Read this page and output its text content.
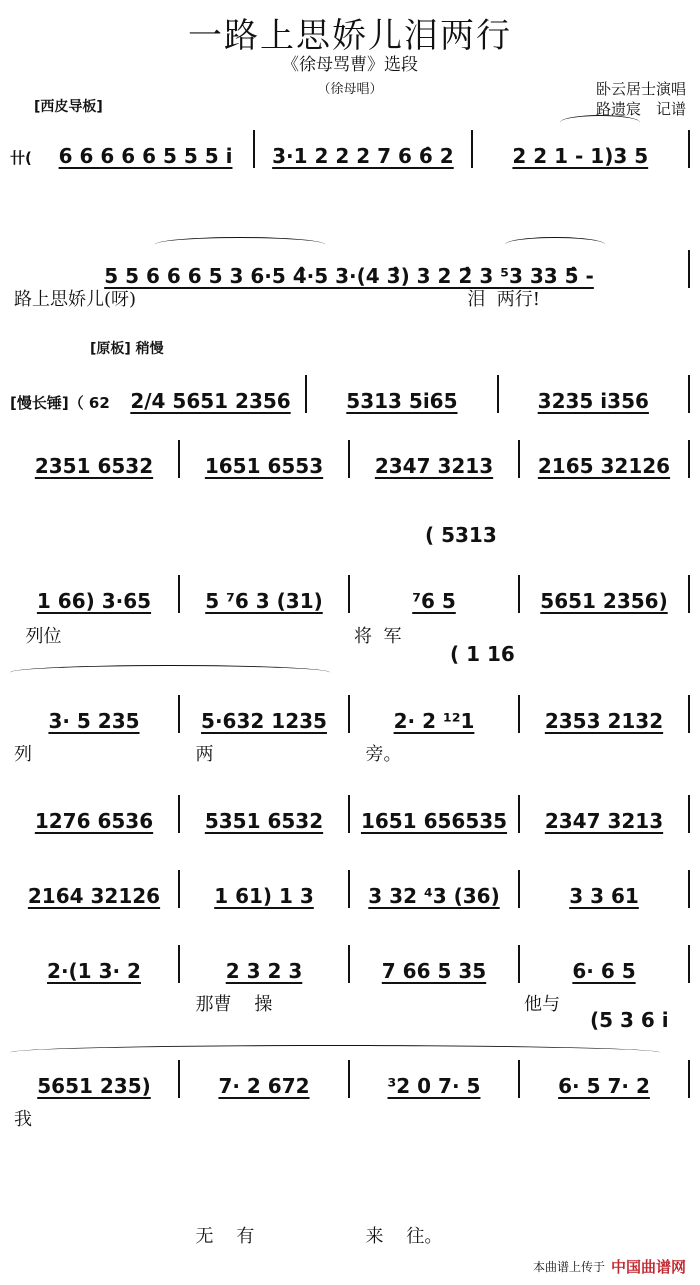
一路上思娇儿泪两行
《徐母骂曹》选段
（徐母唱）	卧云居士演唱
路遗宸　记谱
[西皮导板]
[原板] 稍慢
卄(	6 6 6 6 6 5 5 5 i̇	3·1 2 2 2 7 6 6̂ 2	2 2 1 - 1)3 5
5 5 6 6 6 5 3 6·5 4̂·5 3·(4 3̂) 3 2 2̂ 3 ⁵3 33 5̂ -
[慢长锤]（ 62	2/4 5651 2356	5313 5i65	3235 i356
2351 6532	1651 6553	2347 3213	2165 32126
1 66) 3·65	5 ⁷6 3 (31)	⁷6 5	5651 2356)
3· 5 235	5·632 1235	2· 2 ¹²1	2353 2132
1276 6536	5351 6532	1651 656535	2347 3213
2164 32126	1 61) 1 3	3 32 ⁴3 (36)	3 3 61
2·(1 3· 2	2 3 2 3	7 66 5 35	6· 6 5
5651 235)	7· 2 672	³2 0 7· 5	6· 5 7· 2
路上思娇儿(呀)	泪  两行!
列位	将  军
列	两	旁。
那曹    操	他与
我
无    有	来    往。
( 5313
( 1 16
(5 3 6 i
本曲谱上传于 中国曲谱网
